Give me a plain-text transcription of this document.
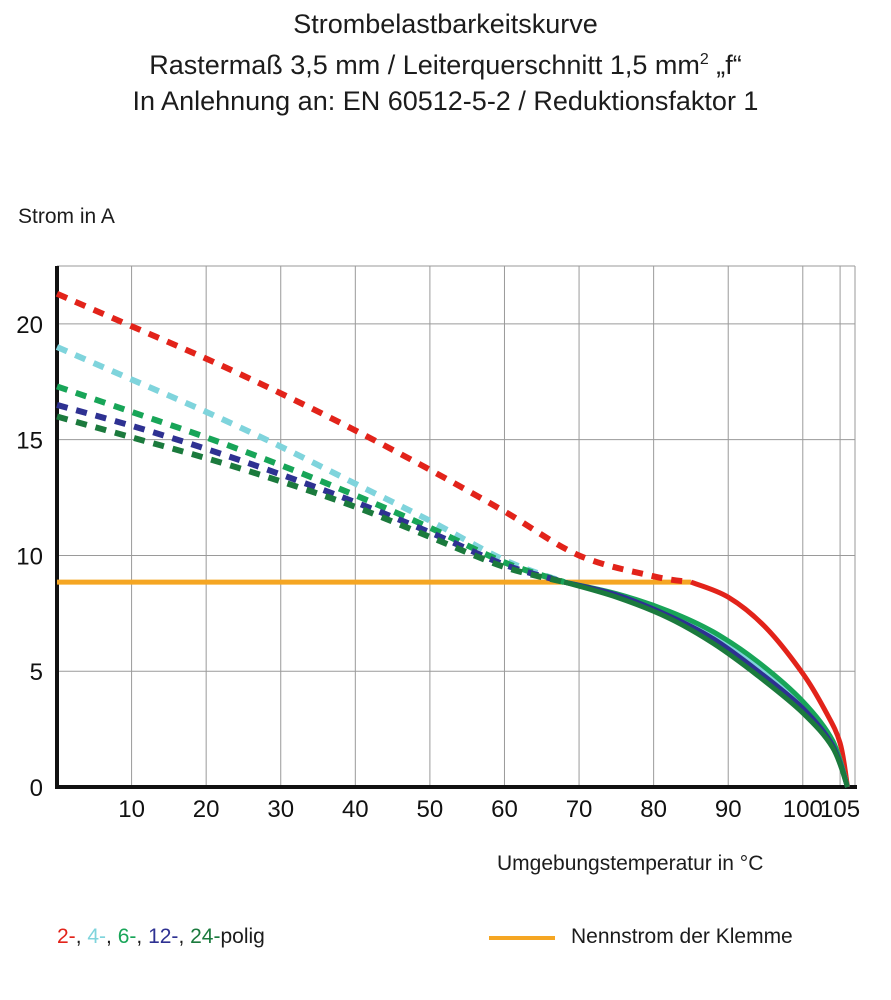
Strombelastbarkeitskurve
Rastermaß 3,5 mm / Leiterquerschnitt 1,5 $mm^2$ „f“
In Anlehnung an: EN 60512-5-2 / Reduktionsfaktor 1
Strom in A
10 20 30 40 50 60 70 80 90 100
105
0
5
10
15
20
Umgebungstemperatur in °C
2-, 4-, 6-, 12-, 24-polig	Nennstrom der Klemme
